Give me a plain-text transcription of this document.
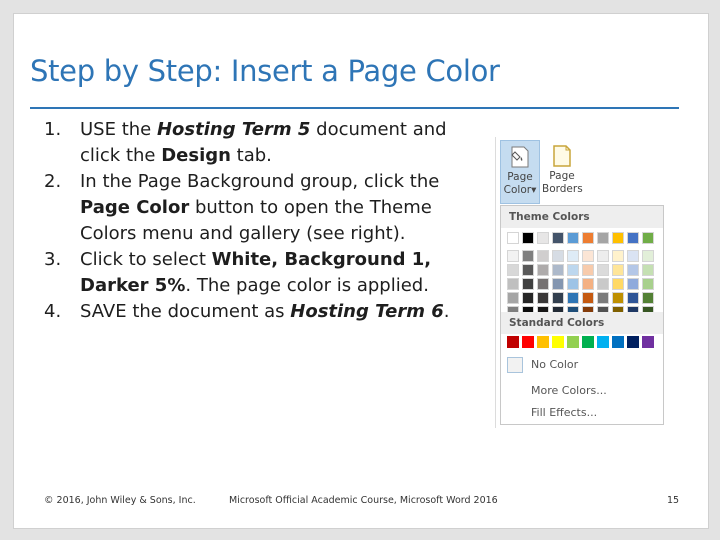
Step by Step: Insert a Page Color
1. USE the Hosting Term 5 document and click the Design tab.
2. In the Page Background group, click the Page Color button to open the Theme Colors menu and gallery (see right).
3. Click to select White, Background 1, Darker 5%. The page color is applied.
4. SAVE the document as Hosting Term 6.
Page
Color▾
Page
Borders
Theme Colors
Standard Colors
No Color
More Colors...
Fill Effects...
© 2016, John Wiley & Sons, Inc.	Microsoft Official Academic Course, Microsoft Word 2016	15
